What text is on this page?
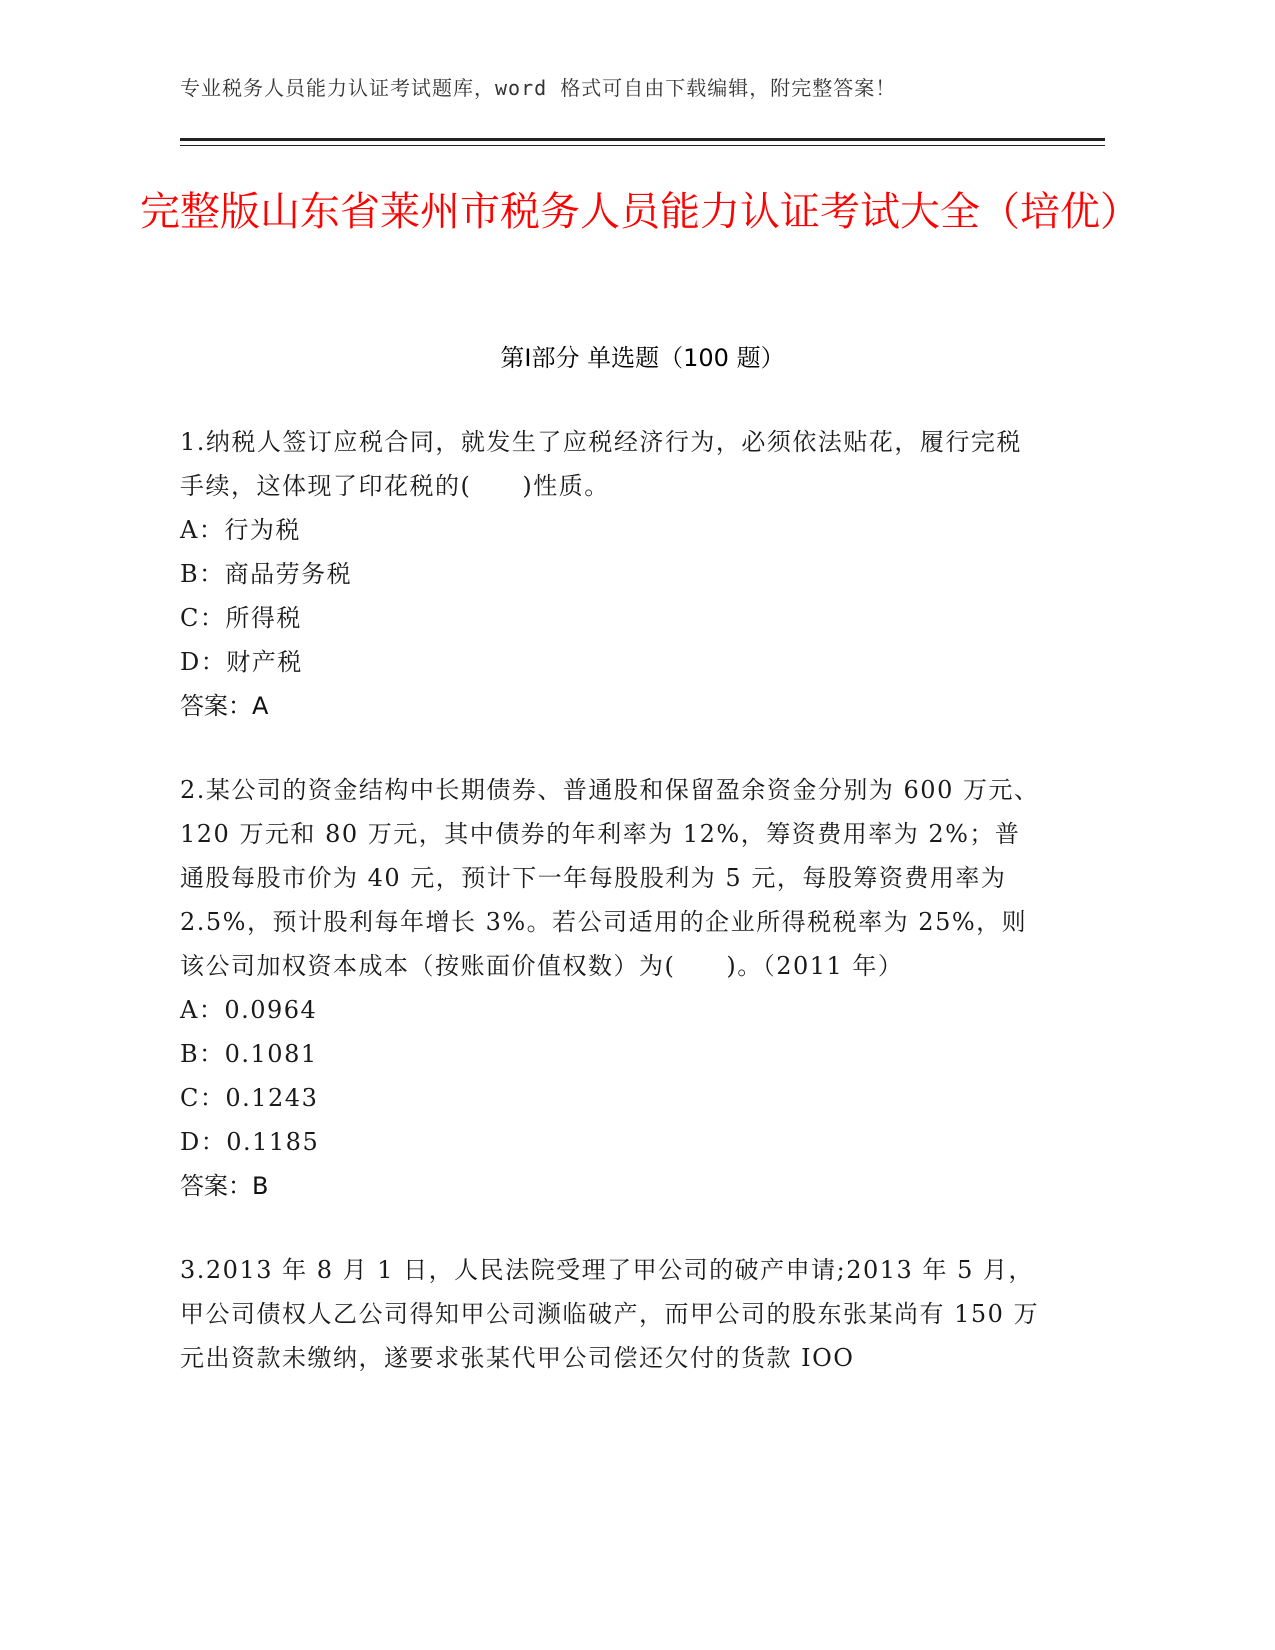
专业税务人员能力认证考试题库，word 格式可自由下载编辑，附完整答案！
完整版山东省莱州市税务人员能力认证考试大全（培优）
第Ⅰ部分 单选题（100 题）

1.纳税人签订应税合同，就发生了应税经济行为，必须依法贴花，履行完税手续，这体现了印花税的(　　)性质。

A：行为税

B：商品劳务税

C：所得税

D：财产税

答案：A

2.某公司的资金结构中长期债券、普通股和保留盈余资金分别为 600 万元、120 万元和 80 万元，其中债券的年利率为 12%，筹资费用率为 2%；普通股每股市价为 40 元，预计下一年每股股利为 5 元，每股筹资费用率为 2.5%，预计股利每年增长 3%。若公司适用的企业所得税税率为 25%，则该公司加权资本成本（按账面价值权数）为(　　)。（2011 年）

A：0.0964

B：0.1081

C：0.1243

D：0.1185

答案：B

3.2013 年 8 月 1 日，人民法院受理了甲公司的破产申请;2013 年 5 月，甲公司债权人乙公司得知甲公司濒临破产，而甲公司的股东张某尚有 150 万元出资款未缴纳，遂要求张某代甲公司偿还欠付的货款 IOO
